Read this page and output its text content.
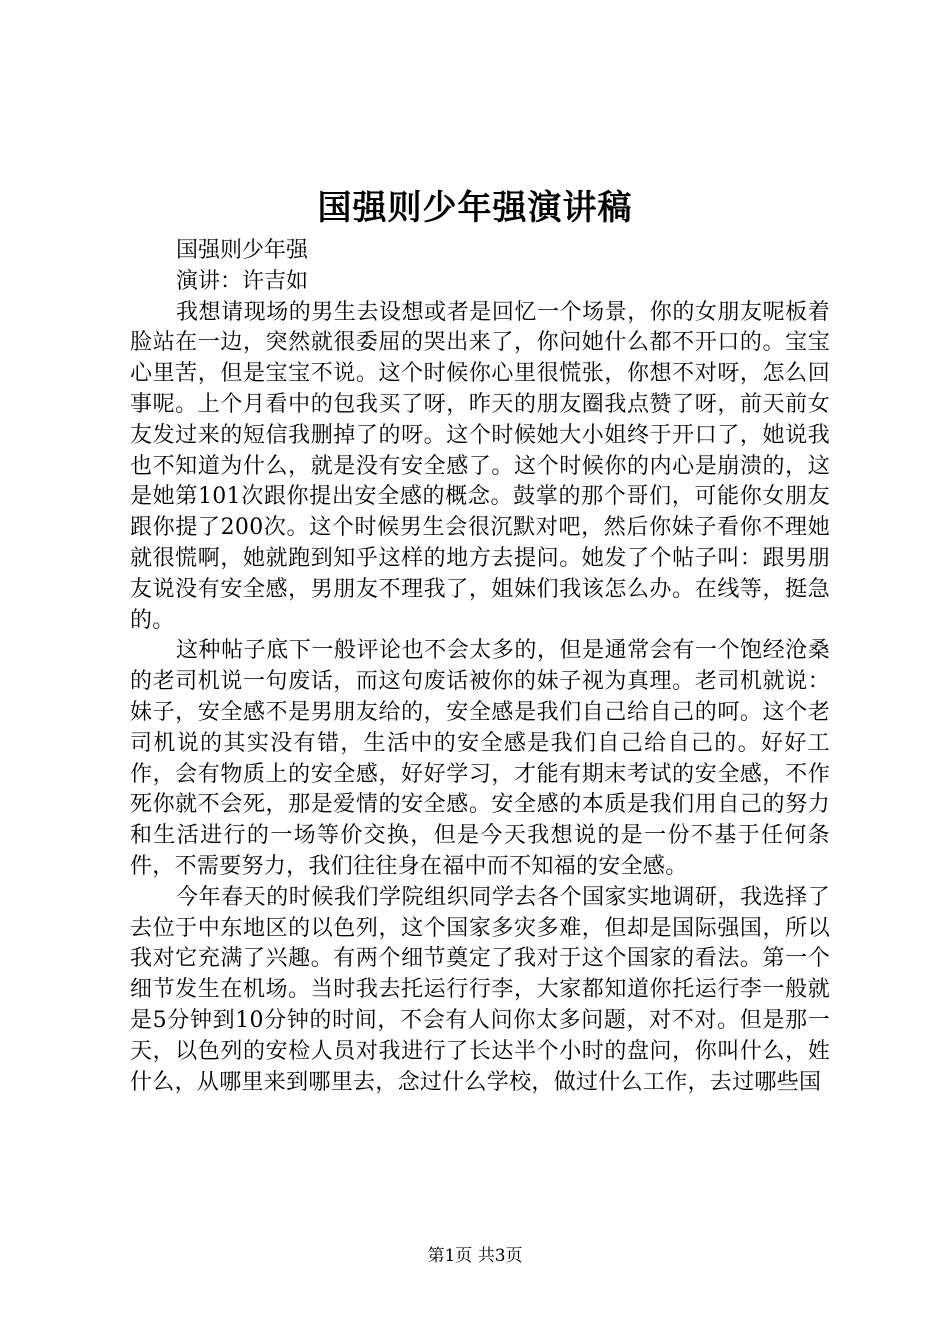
国强则少年强演讲稿

国强则少年强

演讲：许吉如

我想请现场的男生去设想或者是回忆一个场景，你的女朋友呢板着脸站在一边，突然就很委屈的哭出来了，你问她什么都不开口的。宝宝心里苦，但是宝宝不说。这个时候你心里很慌张，你想不对呀，怎么回事呢。上个月看中的包我买了呀，昨天的朋友圈我点赞了呀，前天前女友发过来的短信我删掉了的呀。这个时候她大小姐终于开口了，她说我也不知道为什么，就是没有安全感了。这个时候你的内心是崩溃的，这是她第101次跟你提出安全感的概念。鼓掌的那个哥们，可能你女朋友跟你提了200次。这个时候男生会很沉默对吧，然后你妹子看你不理她就很慌啊，她就跑到知乎这样的地方去提问。她发了个帖子叫：跟男朋友说没有安全感，男朋友不理我了，姐妹们我该怎么办。在线等，挺急的。

这种帖子底下一般评论也不会太多的，但是通常会有一个饱经沧桑的老司机说一句废话，而这句废话被你的妹子视为真理。老司机就说：妹子，安全感不是男朋友给的，安全感是我们自己给自己的呵。这个老司机说的其实没有错，生活中的安全感是我们自己给自己的。好好工作，会有物质上的安全感，好好学习，才能有期末考试的安全感，不作死你就不会死，那是爱情的安全感。安全感的本质是我们用自己的努力和生活进行的一场等价交换，但是今天我想说的是一份不基于任何条件，不需要努力，我们往往身在福中而不知福的安全感。

今年春天的时候我们学院组织同学去各个国家实地调研，我选择了去位于中东地区的以色列，这个国家多灾多难，但却是国际强国，所以我对它充满了兴趣。有两个细节奠定了我对于这个国家的看法。第一个细节发生在机场。当时我去托运行行李，大家都知道你托运行李一般就是5分钟到10分钟的时间，不会有人问你太多问题，对不对。但是那一天，以色列的安检人员对我进行了长达半个小时的盘问，你叫什么，姓什么，从哪里来到哪里去，念过什么学校，做过什么工作，去过哪些国

第1页 共3页
